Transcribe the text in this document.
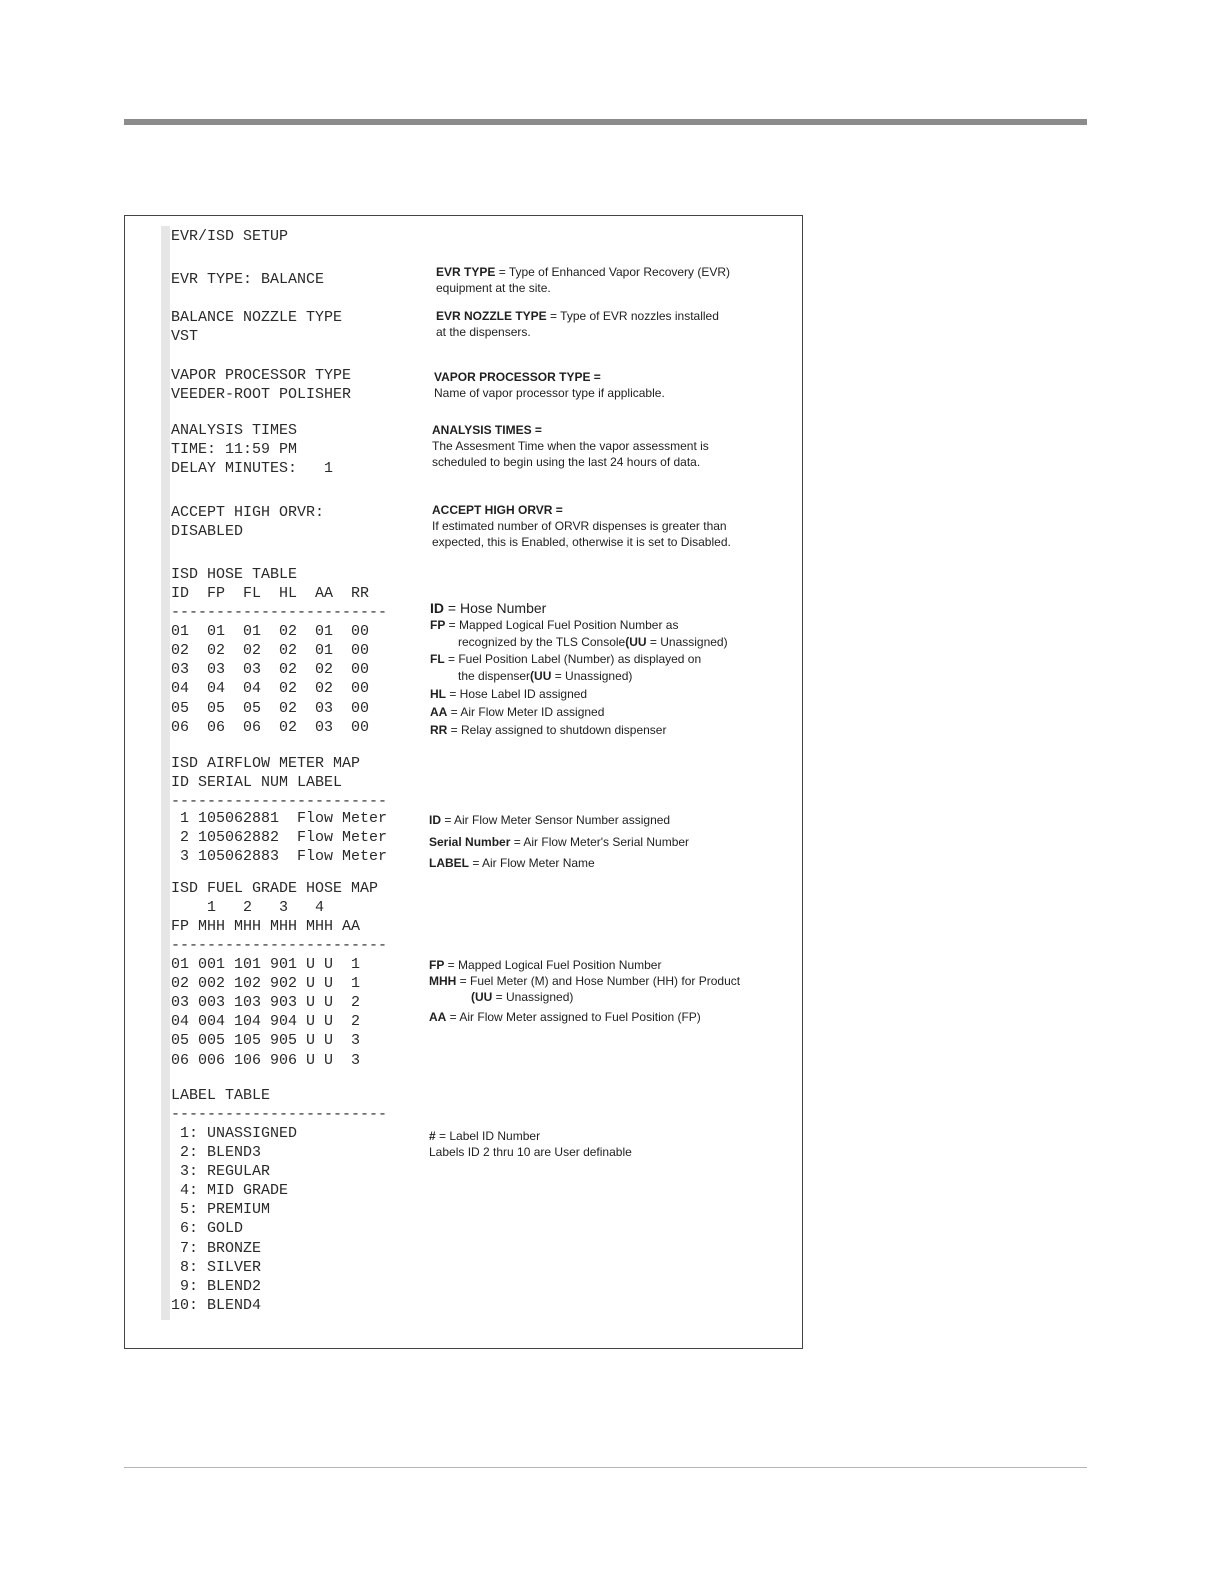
EVR/ISD SETUP
EVR TYPE: BALANCE
BALANCE NOZZLE TYPE
VST
VAPOR PROCESSOR TYPE
VEEDER-ROOT POLISHER
ANALYSIS TIMES
TIME: 11:59 PM
DELAY MINUTES:   1
ACCEPT HIGH ORVR:
DISABLED
ISD HOSE TABLE
ID  FP  FL  HL  AA  RR
------------------------
01  01  01  02  01  00
02  02  02  02  01  00
03  03  03  02  02  00
04  04  04  02  02  00
05  05  05  02  03  00
06  06  06  02  03  00
ISD AIRFLOW METER MAP
ID SERIAL NUM LABEL
------------------------
1 105062881  Flow Meter
2 105062882  Flow Meter
3 105062883  Flow Meter
ISD FUEL GRADE HOSE MAP
1   2   3   4
FP MHH MHH MHH MHH AA
------------------------
01 001 101 901 U U  1
02 002 102 902 U U  1
03 003 103 903 U U  2
04 004 104 904 U U  2
05 005 105 905 U U  3
06 006 106 906 U U  3
LABEL TABLE
------------------------
1: UNASSIGNED
2: BLEND3
3: REGULAR
4: MID GRADE
5: PREMIUM
6: GOLD
7: BRONZE
8: SILVER
9: BLEND2
10: BLEND4
EVR TYPE = Type of Enhanced Vapor Recovery (EVR)
equipment at the site.
EVR NOZZLE TYPE = Type of EVR nozzles installed
at the dispensers.
VAPOR PROCESSOR TYPE =
Name of vapor processor type if applicable.
ANALYSIS TIMES =
The Assesment Time when the vapor assessment is
scheduled to begin using the last 24 hours of data.
ACCEPT HIGH ORVR =
If estimated number of ORVR dispenses is greater than
expected, this is Enabled, otherwise it is set to Disabled.
ID = Hose Number
FP = Mapped Logical Fuel Position Number as
recognized by the TLS Console(UU = Unassigned)
FL = Fuel Position Label (Number) as displayed on
the dispenser(UU = Unassigned)
HL = Hose Label ID assigned
AA = Air Flow Meter ID assigned
RR = Relay assigned to shutdown dispenser
ID = Air Flow Meter Sensor Number assigned
Serial Number = Air Flow Meter's Serial Number
LABEL = Air Flow Meter Name
FP = Mapped Logical Fuel Position Number
MHH = Fuel Meter (M) and Hose Number (HH) for Product
(UU = Unassigned)
AA = Air Flow Meter assigned to Fuel Position (FP)
# = Label ID Number
Labels ID 2 thru 10 are User definable
